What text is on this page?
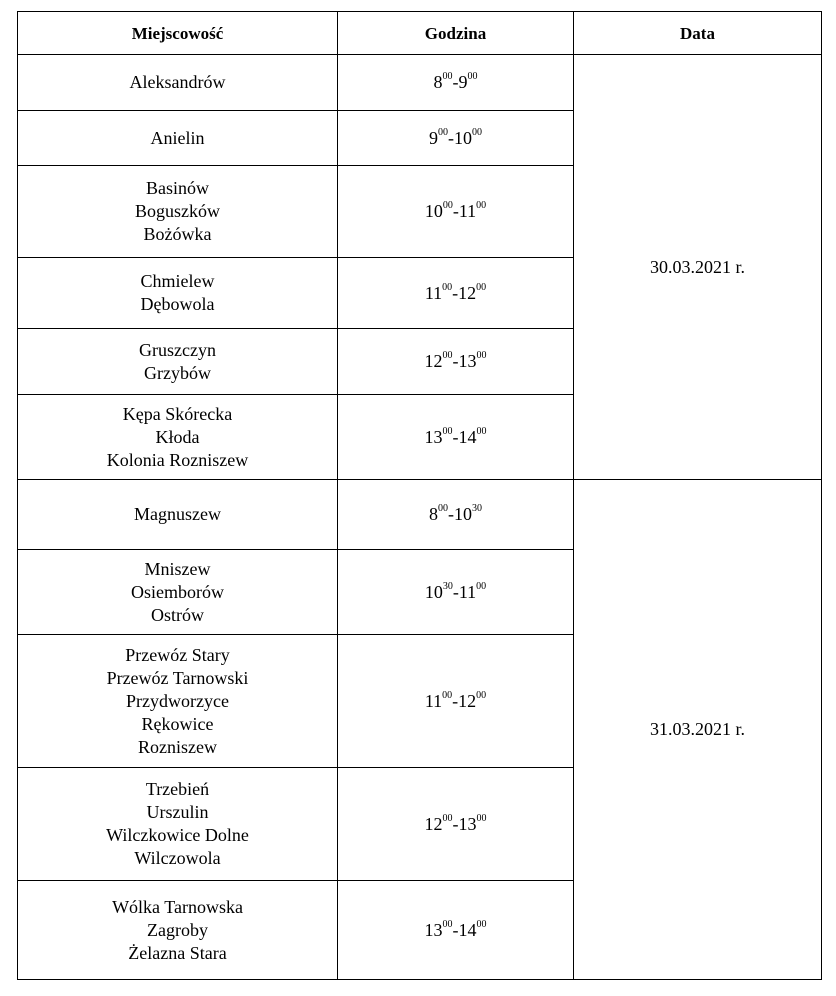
Miejscowość	Godzina	Data

Aleksandrów	$8^{00}-9^{00}$	30.03.2021 r.

Anielin	$9^{00}-10^{00}$

Basinów
Boguszków
Bożówka	$10^{00}-11^{00}$

Chmielew
Dębowola	$11^{00}-12^{00}$

Gruszczyn
Grzybów	$12^{00}-13^{00}$

Kępa Skórecka
Kłoda
Kolonia Rozniszew	$13^{00}-14^{00}$

Magnuszew	$8^{00}-10^{30}$	31.03.2021 r.

Mniszew
Osiemborów
Ostrów	$10^{30}-11^{00}$

Przewóz Stary
Przewóz Tarnowski
Przydworzyce
Rękowice
Rozniszew	$11^{00}-12^{00}$

Trzebień
Urszulin
Wilczkowice Dolne
Wilczowola	$12^{00}-13^{00}$

Wólka Tarnowska
Zagroby
Żelazna Stara	$13^{00}-14^{00}$
